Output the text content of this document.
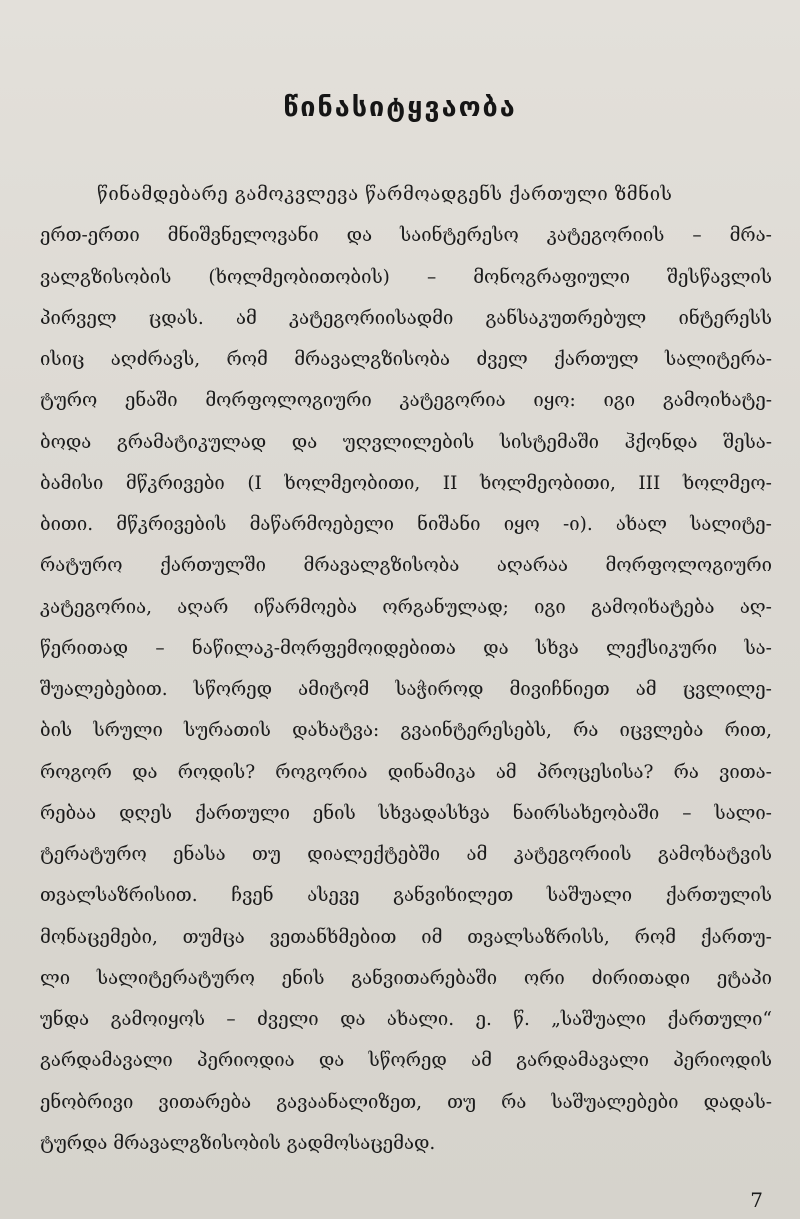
წინასიტყვაობა
წინამდებარე გამოკვლევა წარმოადგენს ქართული ზმნის
ერთ-ერთი მნიშვნელოვანი და საინტერესო კატეგორიის – მრა-
ვალგზისობის (ხოლმეობითობის) – მონოგრაფიული შესწავლის
პირველ ცდას. ამ კატეგორიისადმი განსაკუთრებულ ინტერესს
ისიც აღძრავს, რომ მრავალგზისობა ძველ ქართულ სალიტერა-
ტურო ენაში მორფოლოგიური კატეგორია იყო: იგი გამოიხატე-
ბოდა გრამატიკულად და უღვლილების სისტემაში ჰქონდა შესა-
ბამისი მწკრივები (I ხოლმეობითი, II ხოლმეობითი, III ხოლმეო-
ბითი. მწკრივების მაწარმოებელი ნიშანი იყო -ი). ახალ სალიტე-
რატურო ქართულში მრავალგზისობა აღარაა მორფოლოგიური
კატეგორია, აღარ იწარმოება ორგანულად; იგი გამოიხატება აღ-
წერითად – ნაწილაკ-მორფემოიდებითა და სხვა ლექსიკური სა-
შუალებებით. სწორედ ამიტომ საჭიროდ მივიჩნიეთ ამ ცვლილე-
ბის სრული სურათის დახატვა: გვაინტერესებს, რა იცვლება რით,
როგორ და როდის? როგორია დინამიკა ამ პროცესისა? რა ვითა-
რებაა დღეს ქართული ენის სხვადასხვა ნაირსახეობაში – სალი-
ტერატურო ენასა თუ დიალექტებში ამ კატეგორიის გამოხატვის
თვალსაზრისით. ჩვენ ასევე განვიხილეთ საშუალი ქართულის
მონაცემები, თუმცა ვეთანხმებით იმ თვალსაზრისს, რომ ქართუ-
ლი სალიტერატურო ენის განვითარებაში ორი ძირითადი ეტაპი
უნდა გამოიყოს – ძველი და ახალი. ე. წ. „საშუალი ქართული“
გარდამავალი პერიოდია და სწორედ ამ გარდამავალი პერიოდის
ენობრივი ვითარება გავაანალიზეთ, თუ რა საშუალებები დადას-
ტურდა მრავალგზისობის გადმოსაცემად.
7
